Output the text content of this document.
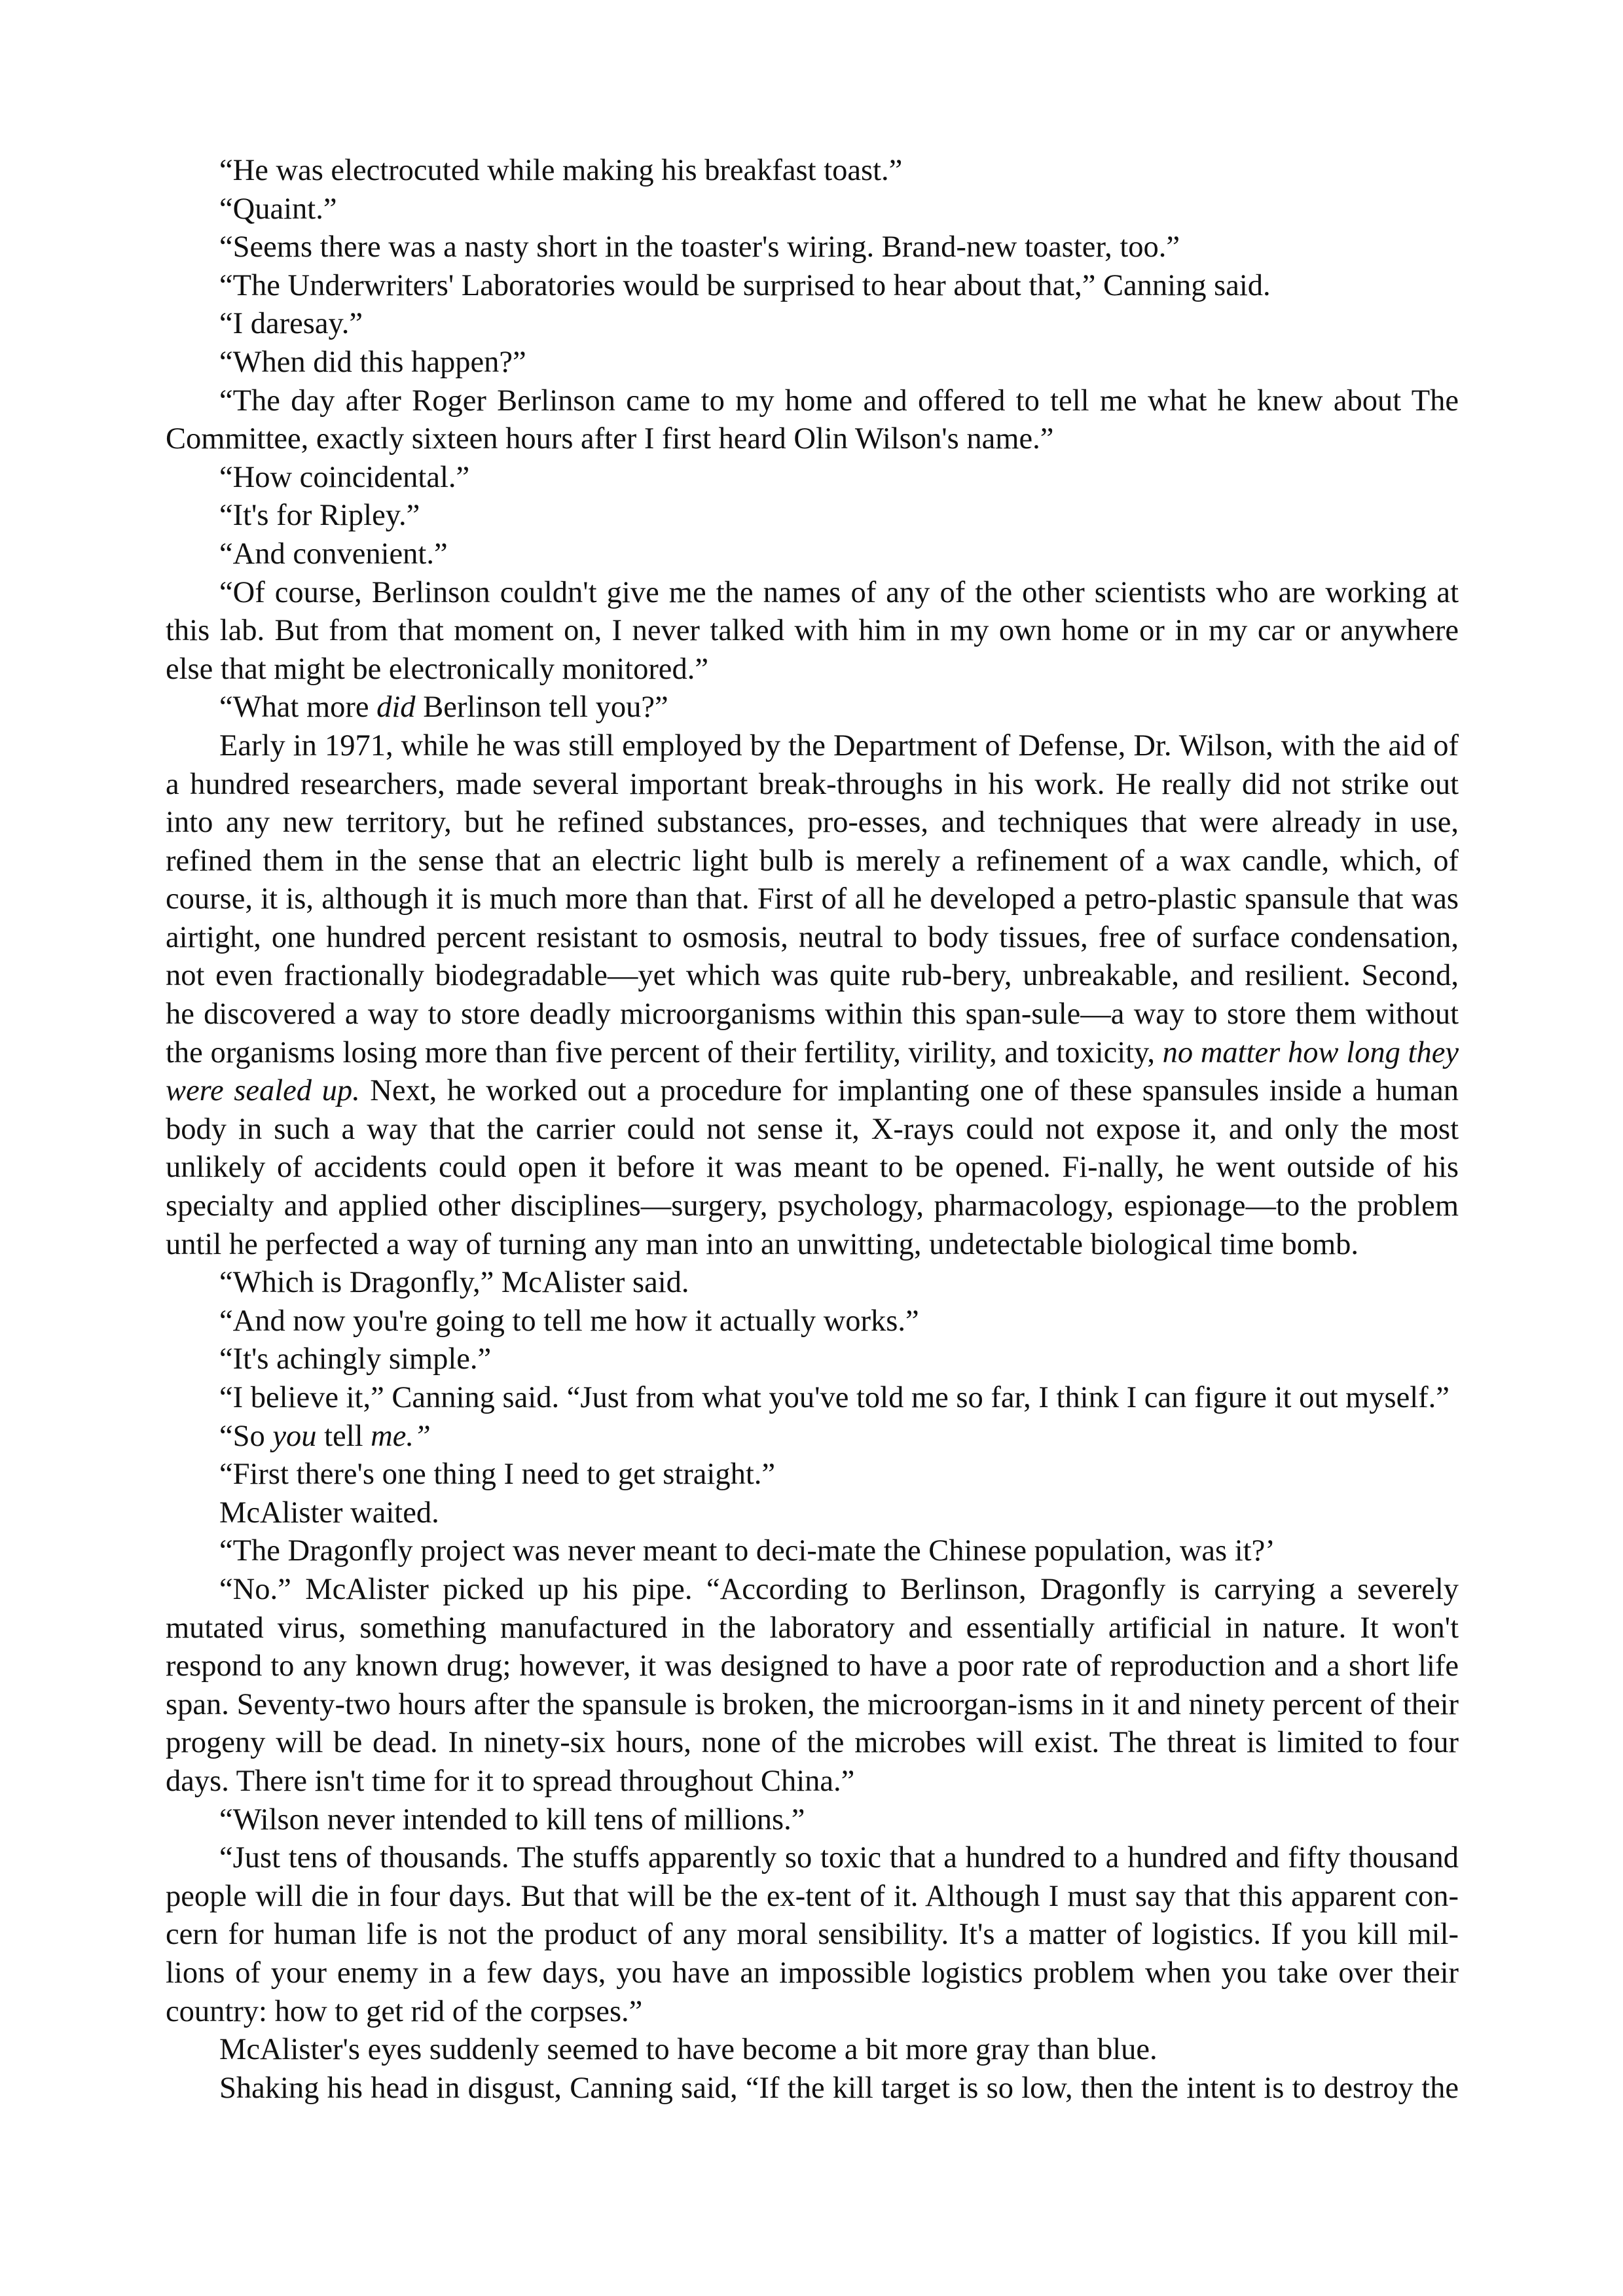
“He was electrocuted while making his breakfast toast.”

“Quaint.”

“Seems there was a nasty short in the toaster's wiring. Brand-new toaster, too.”

“The Underwriters' Laboratories would be surprised to hear about that,” Canning said.

“I daresay.”

“When did this happen?”

“The day after Roger Berlinson came to my home and offered to tell me what he knew about The Committee, exactly sixteen hours after I first heard Olin Wilson's name.”

“How coincidental.”

“It's for Ripley.”

“And convenient.”

“Of course, Berlinson couldn't give me the names of any of the other scientists who are working at this lab. But from that moment on, I never talked with him in my own home or in my car or anywhere else that might be electronically monitored.”

“What more did Berlinson tell you?”

Early in 1971, while he was still employed by the Department of Defense, Dr. Wilson, with the aid of a hundred researchers, made several important break-throughs in his work. He really did not strike out into any new territory, but he refined substances, pro-esses, and techniques that were already in use, refined them in the sense that an electric light bulb is merely a refinement of a wax candle, which, of course, it is, although it is much more than that. First of all he developed a petro-plastic spansule that was airtight, one hundred percent resistant to osmosis, neutral to body tissues, free of surface condensation, not even fractionally biodegradable—yet which was quite rub-bery, unbreakable, and resilient. Second, he discovered a way to store deadly microorganisms within this span-sule—a way to store them without the organisms losing more than five percent of their fertility, virility, and toxicity, no matter how long they were sealed up. Next, he worked out a procedure for implanting one of these spansules inside a human body in such a way that the carrier could not sense it, X-rays could not expose it, and only the most unlikely of accidents could open it before it was meant to be opened. Fi-nally, he went outside of his specialty and applied other disciplines—surgery, psychology, pharmacology, espionage—to the problem until he perfected a way of turning any man into an unwitting, undetectable biological time bomb.

“Which is Dragonfly,” McAlister said.

“And now you're going to tell me how it actually works.”

“It's achingly simple.”

“I believe it,” Canning said. “Just from what you've told me so far, I think I can figure it out myself.”

“So you tell me.”

“First there's one thing I need to get straight.”

McAlister waited.

“The Dragonfly project was never meant to deci-mate the Chinese population, was it?’

“No.” McAlister picked up his pipe. “According to Berlinson, Dragonfly is carrying a severely mutated virus, something manufactured in the laboratory and essentially artificial in nature. It won't respond to any known drug; however, it was designed to have a poor rate of reproduction and a short life span. Seventy-two hours after the spansule is broken, the microorgan-isms in it and ninety percent of their progeny will be dead. In ninety-six hours, none of the microbes will exist. The threat is limited to four days. There isn't time for it to spread throughout China.”

“Wilson never intended to kill tens of millions.”

“Just tens of thousands. The stuffs apparently so toxic that a hundred to a hundred and fifty thousand people will die in four days. But that will be the ex-tent of it. Although I must say that this apparent con-cern for human life is not the product of any moral sensibility. It's a matter of logistics. If you kill mil-lions of your enemy in a few days, you have an impossible logistics problem when you take over their country: how to get rid of the corpses.”

McAlister's eyes suddenly seemed to have become a bit more gray than blue.

Shaking his head in disgust, Canning said, “If the kill target is so low, then the intent is to destroy the
